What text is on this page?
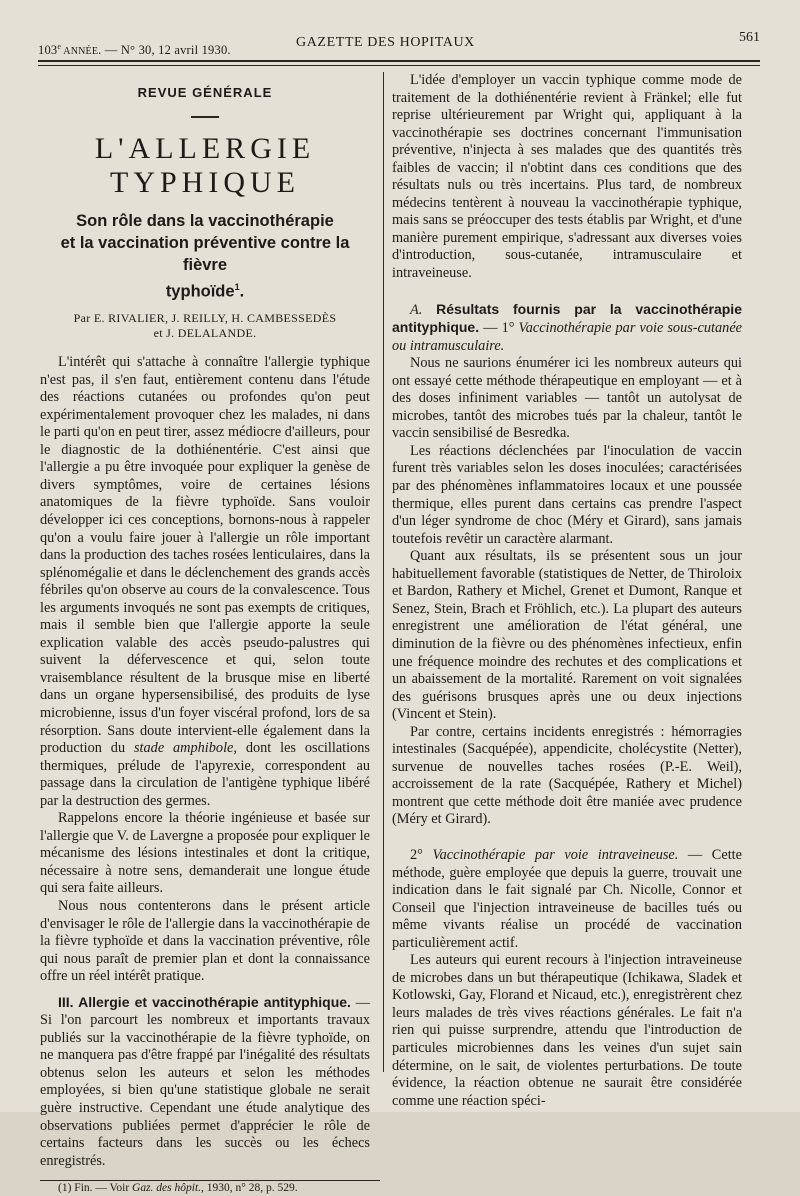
103e ANNÉE. — N° 30, 12 avril 1930.
GAZETTE DES HOPITAUX	561
REVUE GÉNÉRALE
L'ALLERGIE TYPHIQUE
Son rôle dans la vaccinothérapie
et la vaccination préventive contre la fièvre
typhoïde$^1$.
Par E. RIVALIER, J. REILLY, H. CAMBESSEDÈS
et J. DELALANDE.

L'intérêt qui s'attache à connaître l'allergie typhique n'est pas, il s'en faut, entièrement contenu dans l'étude des réactions cutanées ou profondes qu'on peut expérimentalement provoquer chez les malades, ni dans le parti qu'on en peut tirer, assez médiocre d'ailleurs, pour le diagnostic de la dothiénentérie. C'est ainsi que l'allergie a pu être invoquée pour expliquer la genèse de divers symptômes, voire de certaines lésions anatomiques de la fièvre typhoïde. Sans vouloir développer ici ces conceptions, bornons-nous à rappeler qu'on a voulu faire jouer à l'allergie un rôle important dans la production des taches rosées lenticulaires, dans la splénomégalie et dans le déclenchement des grands accès fébriles qu'on observe au cours de la convalescence. Tous les arguments invoqués ne sont pas exempts de critiques, mais il semble bien que l'allergie apporte la seule explication valable des accès pseudo-palustres qui suivent la défervescence et qui, selon toute vraisemblance résultent de la brusque mise en liberté dans un organe hypersensibilisé, des produits de lyse microbienne, issus d'un foyer viscéral profond, lors de sa résorption. Sans doute intervient-elle également dans la production du stade amphibole, dont les oscillations thermiques, prélude de l'apyrexie, correspondent au passage dans la circulation de l'antigène typhique libéré par la destruction des germes.

Rappelons encore la théorie ingénieuse et basée sur l'allergie que V. de Lavergne a proposée pour expliquer le mécanisme des lésions intestinales et dont la critique, nécessaire à notre sens, demanderait une longue étude qui sera faite ailleurs.

Nous nous contenterons dans le présent article d'envisager le rôle de l'allergie dans la vaccinothérapie de la fièvre typhoïde et dans la vaccination préventive, rôle qui nous paraît de premier plan et dont la connaissance offre un réel intérêt pratique.

III. Allergie et vaccinothérapie antityphique. — Si l'on parcourt les nombreux et importants travaux publiés sur la vaccinothérapie de la fièvre typhoïde, on ne manquera pas d'être frappé par l'inégalité des résultats obtenus selon les auteurs et selon les méthodes employées, si bien qu'une statistique globale ne serait guère instructive. Cependant une étude analytique des observations publiées permet d'apprécier le rôle de certains facteurs dans les succès ou les échecs enregistrés.

(1) Fin. — Voir Gaz. des hôpit., 1930, n° 28, p. 529.

L'idée d'employer un vaccin typhique comme mode de traitement de la dothiénentérie revient à Fränkel; elle fut reprise ultérieurement par Wright qui, appliquant à la vaccinothérapie ses doctrines concernant l'immunisation préventive, n'injecta à ses malades que des quantités très faibles de vaccin; il n'obtint dans ces conditions que des résultats nuls ou très incertains. Plus tard, de nombreux médecins tentèrent à nouveau la vaccinothérapie typhique, mais sans se préoccuper des tests établis par Wright, et d'une manière purement empirique, s'adressant aux diverses voies d'introduction, sous-cutanée, intramusculaire et intraveineuse.

A. Résultats fournis par la vaccinothérapie antityphique. — 1° Vaccinothérapie par voie sous-cutanée ou intramusculaire.

Nous ne saurions énumérer ici les nombreux auteurs qui ont essayé cette méthode thérapeutique en employant — et à des doses infiniment variables — tantôt un autolysat de microbes, tantôt des microbes tués par la chaleur, tantôt le vaccin sensibilisé de Besredka.

Les réactions déclenchées par l'inoculation de vaccin furent très variables selon les doses inoculées; caractérisées par des phénomènes inflammatoires locaux et une poussée thermique, elles purent dans certains cas prendre l'aspect d'un léger syndrome de choc (Méry et Girard), sans jamais toutefois revêtir un caractère alarmant.

Quant aux résultats, ils se présentent sous un jour habituellement favorable (statistiques de Netter, de Thiroloix et Bardon, Rathery et Michel, Grenet et Dumont, Ranque et Senez, Stein, Brach et Fröhlich, etc.). La plupart des auteurs enregistrent une amélioration de l'état général, une diminution de la fièvre ou des phénomènes infectieux, enfin une fréquence moindre des rechutes et des complications et un abaissement de la mortalité. Rarement on voit signalées des guérisons brusques après une ou deux injections (Vincent et Stein).

Par contre, certains incidents enregistrés : hémorragies intestinales (Sacquépée), appendicite, cholécystite (Netter), survenue de nouvelles taches rosées (P.-E. Weil), accroissement de la rate (Sacquépée, Rathery et Michel) montrent que cette méthode doit être maniée avec prudence (Méry et Girard).

2° Vaccinothérapie par voie intraveineuse. — Cette méthode, guère employée que depuis la guerre, trouvait une indication dans le fait signalé par Ch. Nicolle, Connor et Conseil que l'injection intraveineuse de bacilles tués ou même vivants réalise un procédé de vaccination particulièrement actif.

Les auteurs qui eurent recours à l'injection intraveineuse de microbes dans un but thérapeutique (Ichikawa, Sladek et Kotlowski, Gay, Florand et Nicaud, etc.), enregistrèrent chez leurs malades de très vives réactions générales. Le fait n'a rien qui puisse surprendre, attendu que l'introduction de particules microbiennes dans les veines d'un sujet sain détermine, on le sait, de violentes perturbations. De toute évidence, la réaction obtenue ne saurait être considérée comme une réaction spéci-
